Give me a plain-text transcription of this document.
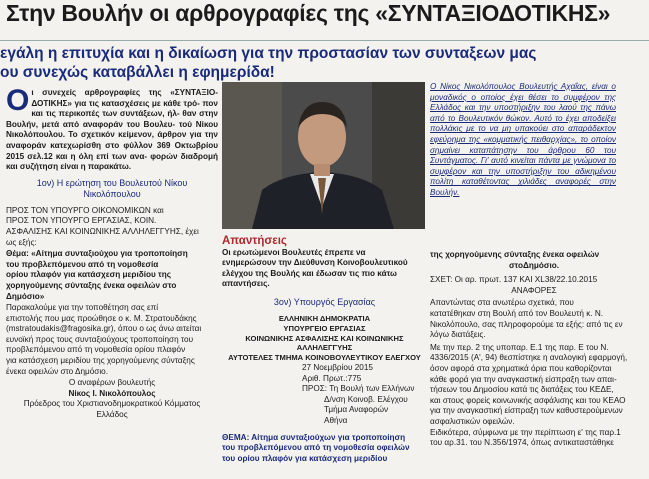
Στην Βουλήν οι αρθρογραφίες της «ΣΥΝΤΑΞΙΟΔΟΤΙΚΗΣ»
εγάλη η επιτυχία και η δικαίωση για την προστασίαν των συνταξεων μας
ου συνεχώς καταβάλλει η εφημερίδα!
Ο ι συνεχείς αρθρογραφίες της «ΣΥΝΤΑΞΙΟ- ΔΟΤΙΚΗΣ» για τις κατασχέσεις με κάθε τρό- πον και τις περικοπές των συντάξεων, ήλ- θαν στην Βουλήν, μετά από αναφοράν του Βουλευ- τού Νίκου Νικολόπουλου. Το σχετικόν κείμενον, άρθρον για την αναφοράν κατεχωρίσθη στο φύλλον 369 Οκτωβρίου 2015 σελ.12 και η όλη επί των ανα- φορών διαδρομή και συζήτηση είναι η παρακάτω.
1ον) Η ερώτηση του Βουλευτού Νίκου
Νικολόπουλου
ΠΡΟΣ ΤΟΝ ΥΠΟΥΡΓΟ ΟΙΚΟΝΟΜΙΚΩΝ και
ΠΡΟΣ ΤΟΝ ΥΠΟΥΡΓΟ ΕΡΓΑΣΙΑΣ, ΚΟΙΝ.
ΑΣΦΑΛΙΣΗΣ ΚΑΙ ΚΟΙΝΩΝΙΚΗΣ ΑΛΛΗΛΕΓΓΥΗΣ, έχει
ως εξής:
Θέμα: «Αίτημα συνταξιούχου για τροποποίηση
του προβλεπόμενου από τη νομοθεσία
ορίου πλαφόν για κατάσχεση μεριδίου της
χορηγούμενης σύνταξης ένεκα οφειλών στο
Δημόσιο»
Παρακαλούμε για την τοποθέτηση σας επί
επιστολής που μας προώθησε ο κ. Μ. Στρατουδάκης
(mstratoudakis@fragosika.gr), όπου ο ως άνω αιτείται
ευνοϊκή προς τους συνταξιούχους τροποποίηση του
προβλεπόμενου από τη νομοθεσία ορίου πλαφόν
για κατάσχεση μεριδίου της χορηγούμενης σύνταξης
ένεκα οφειλών στο Δημόσιο.
Ο αναφέρων βουλευτής
Νίκος Ι. Νικολόπουλος
Πρόεδρος του Χριστιανοδημοκρατικού Κόμματος
Ελλάδος
Ο Νίκος Νικολόπουλος Βουλευτής Αχαΐας, είναι ο μοναδικός ο οποίος έχει θέσει το συμφέρον της Ελλάδος και την υποστήριξην του λαού της πάνω από το Βουλευτικόν θώκον. Αυτό το έχει αποδείξει πολλάκις με το να μη υπακούει στο απαράδεκτον εφεύρημα της «κομματικής πειθαρχίας», το οποίον σημαίνει καταπάτησην του άρθρου 60 του Συντάγματος. Γι' αυτό κινείται πάντα με γνώμονα το συμφέρον και την υποστήριξην του αδικημένου πολίτη καταθέτοντας χιλιάδες αναφορές στην Βουλήν.
Απαντήσεις
Οι ερωτώμενοι Βουλευτές έπρεπε να
ενημερώσουν την Διεύθυνση Κοινοβουλευτικού
ελέγχου της Βουλής και έδωσαν τις πιο κάτω
απαντήσεις.
3ον) Υπουργός Εργασίας
ΕΛΛΗΝΙΚΗ ΔΗΜΟΚΡΑΤΙΑ
ΥΠΟΥΡΓΕΙΟ ΕΡΓΑΣΙΑΣ
ΚΟΙΝΩΝΙΚΗΣ ΑΣΦΑΛΙΣΗΣ ΚΑΙ ΚΟΙΝΩΝΙΚΗΣ ΑΛΛΗΛΕΓΓΥΗΣ
ΑΥΤΟΤΕΛΕΣ ΤΜΗΜΑ ΚΟΙΝΟΒΟΥΛΕΥΤΙΚΟΥ ΕΛΕΓΧΟΥ
27 Νοεμβρίου 2015
Αριθ. Πρωτ.:775
ΠΡΟΣ: Τη Βουλή των Ελλήνων
Δ/νση Κοινοβ. Ελέγχου
Τμήμα Αναφορών
Αθήνα
ΘΕΜΑ: Αίτημα συνταξιούχων για τροποποίηση
του προβλεπόμενου από τη νομοθεσία οφειλών
του ορίου πλαφόν για κατάσχεση μεριδίου
της χορηγούμενης σύνταξης ένεκα οφειλών
στοΔημόσιο.
ΣΧΕΤ: Οι αρ. πρωτ. 137 ΚΑΙ ΧL38/22.10.2015
ΑΝΑΦΟΡΕΣ
Απαντώντας στα ανωτέρω σχετικά, που
κατατέθηκαν στη Βουλή από τον Βουλευτή κ. Ν.
Νικολόπουλο, σας πληροφορούμε τα εξής: από τις εν
λόγω διατάξεις.
Με την περ. 2 της υποπαρ. Ε.1 της παρ. Ε του Ν.
4336/2015 (Α', 94) θεσπίστηκε η αναλογική εφαρμογή,
όσον αφορά στα χρηματικά όρια που καθορίζονται
κάθε φορά για την αναγκαστική είσπραξη των απαι-
τήσεων του Δημοσίου κατά τις διατάξεις του ΚΕΔΕ,
και στους φορείς κοινωνικής ασφάλισης και του ΚΕΑΟ
για την αναγκαστική είσπραξη των καθυστερούμενων
ασφαλιστικών οφειλών.
Ειδικότερα, σύμφωνα με την περίπτωση ε' της παρ.1
του αρ.31. του Ν.356/1974, όπως αντικαταστάθηκε
